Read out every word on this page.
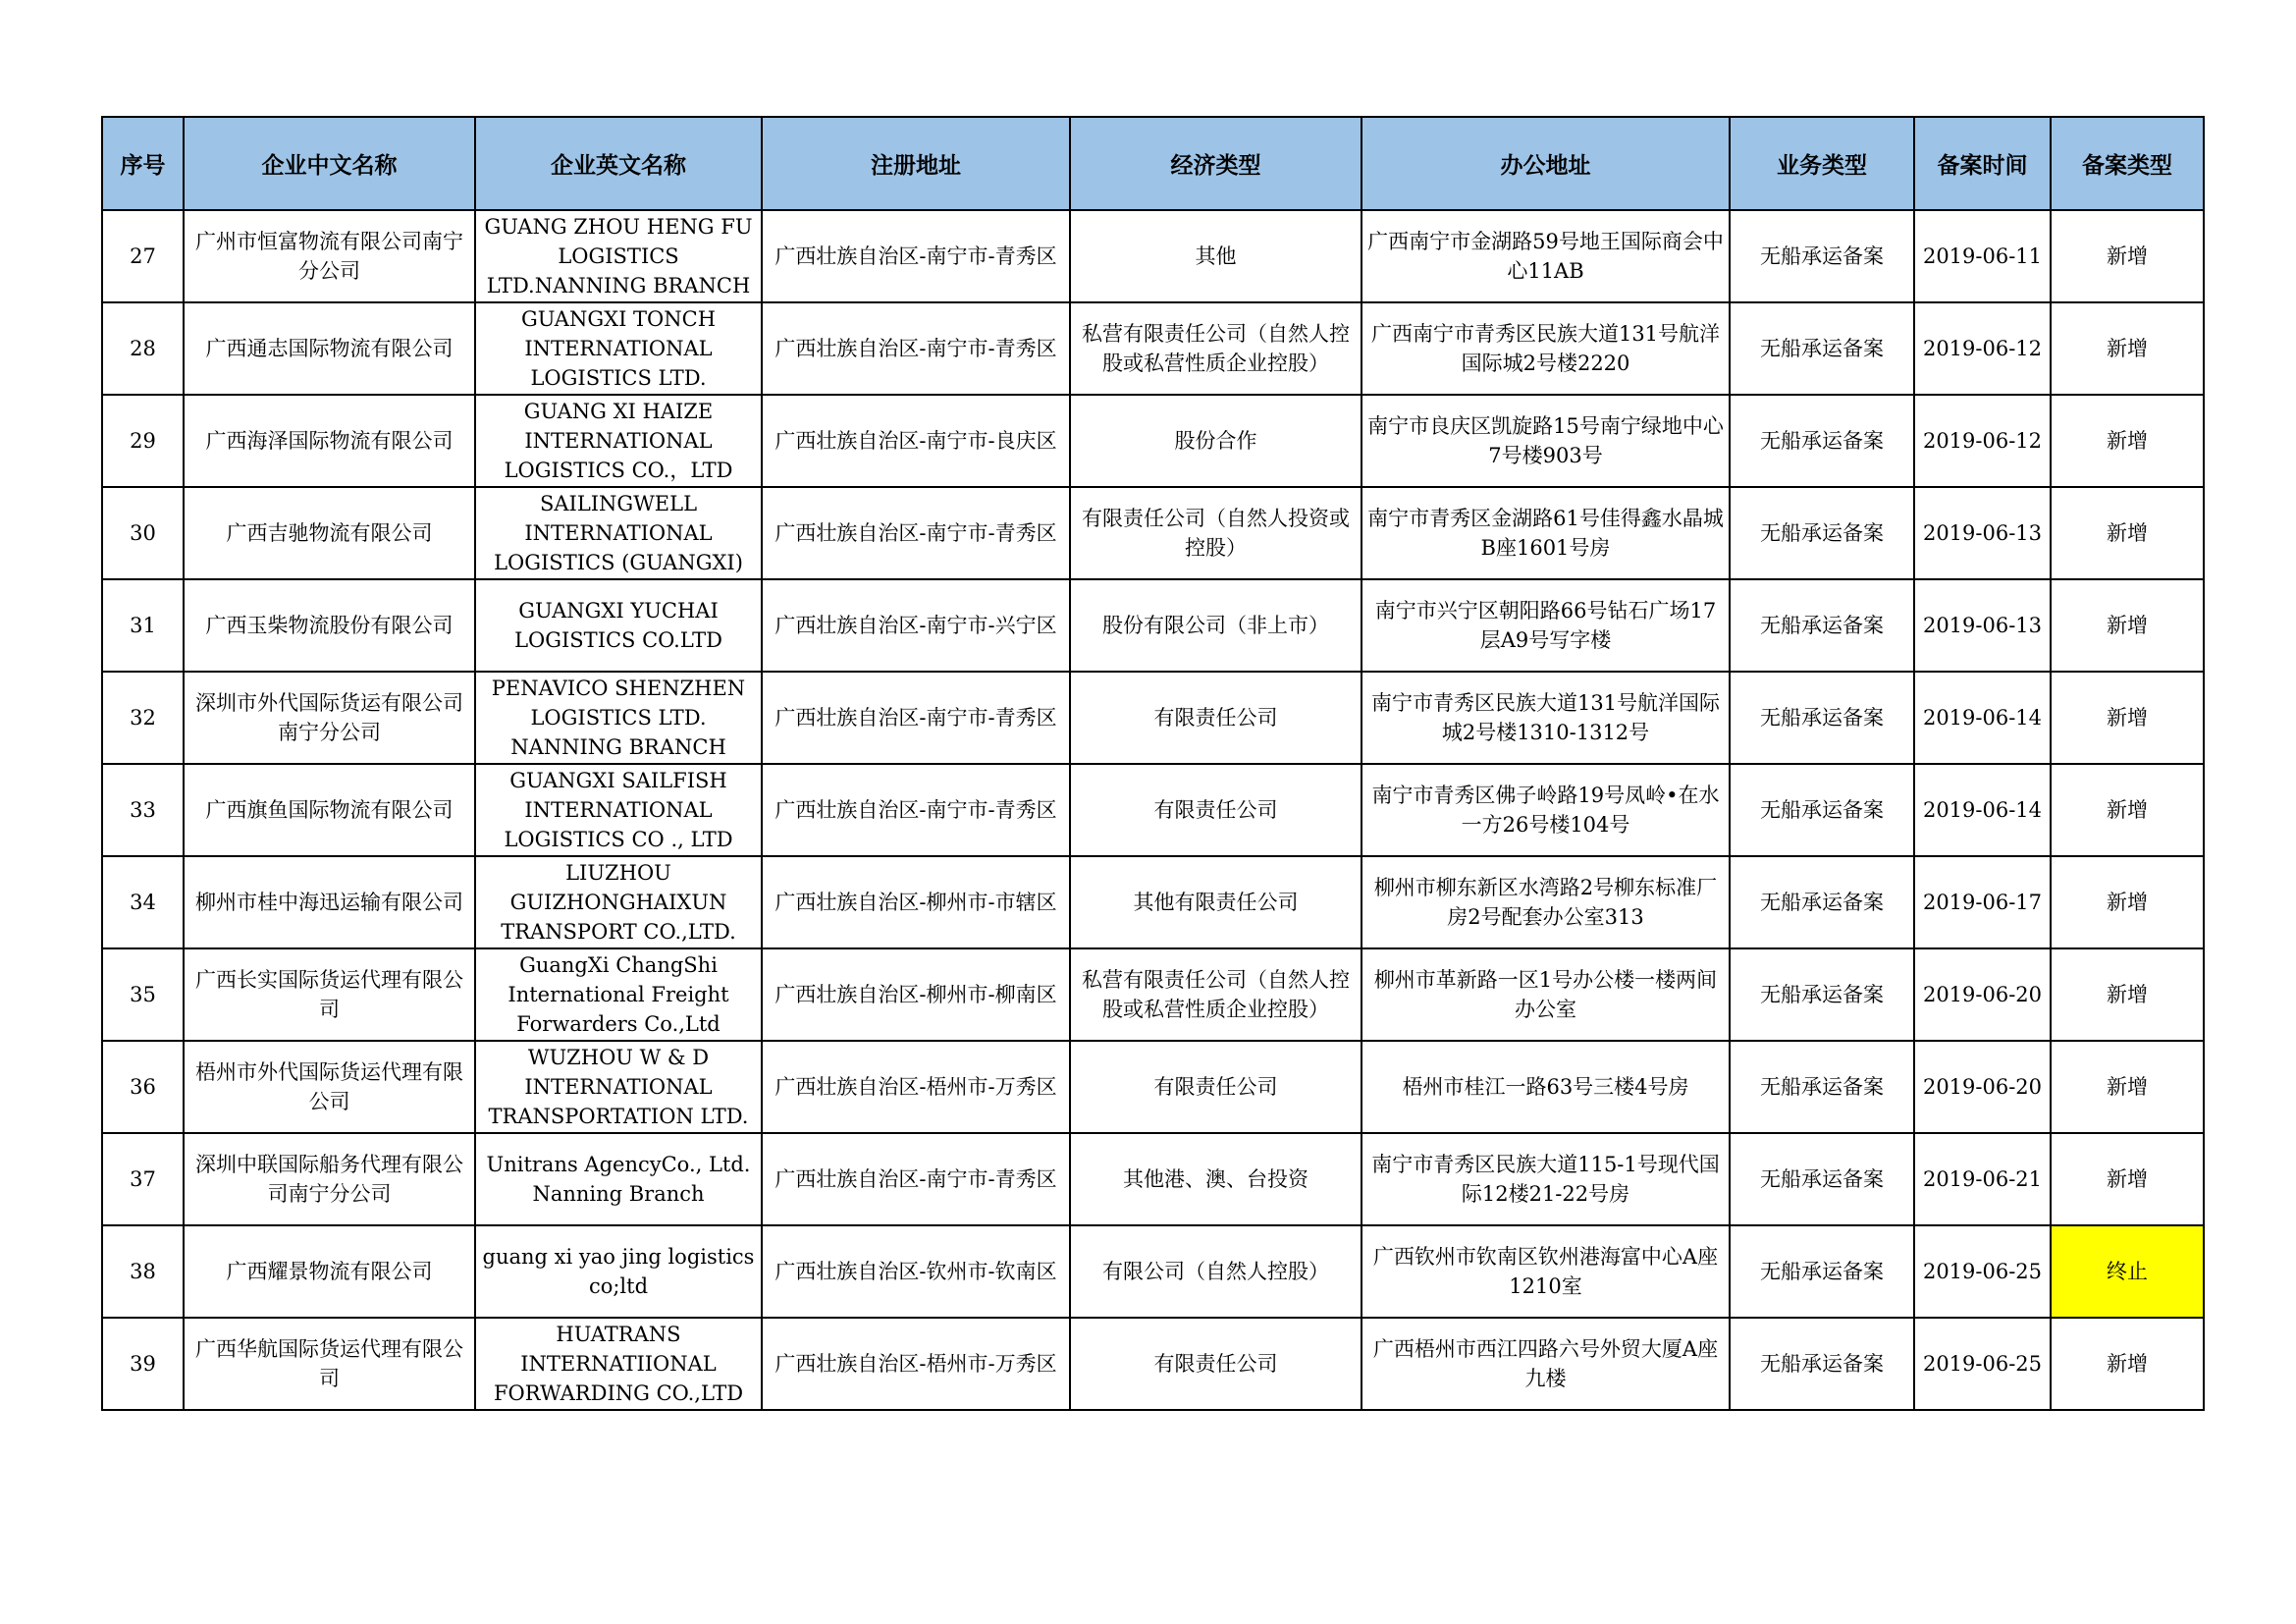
序号	企业中文名称	企业英文名称	注册地址	经济类型	办公地址	业务类型	备案时间	备案类型
27	广州市恒富物流有限公司南宁分公司	GUANG ZHOU HENG FU LOGISTICS LTD.NANNING BRANCH	广西壮族自治区-南宁市-青秀区	其他	广西南宁市金湖路59号地王国际商会中心11AB	无船承运备案	2019-06-11	新增
28	广西通志国际物流有限公司	GUANGXI TONCH INTERNATIONAL LOGISTICS LTD.	广西壮族自治区-南宁市-青秀区	私营有限责任公司（自然人控股或私营性质企业控股）	广西南宁市青秀区民族大道131号航洋国际城2号楼2220	无船承运备案	2019-06-12	新增
29	广西海泽国际物流有限公司	GUANG XI HAIZE INTERNATIONAL LOGISTICS CO.，LTD	广西壮族自治区-南宁市-良庆区	股份合作	南宁市良庆区凯旋路15号南宁绿地中心7号楼903号	无船承运备案	2019-06-12	新增
30	广西吉驰物流有限公司	SAILINGWELL INTERNATIONAL LOGISTICS (GUANGXI)	广西壮族自治区-南宁市-青秀区	有限责任公司（自然人投资或控股）	南宁市青秀区金湖路61号佳得鑫水晶城B座1601号房	无船承运备案	2019-06-13	新增
31	广西玉柴物流股份有限公司	GUANGXI YUCHAI LOGISTICS CO.LTD	广西壮族自治区-南宁市-兴宁区	股份有限公司（非上市）	南宁市兴宁区朝阳路66号钻石广场17层A9号写字楼	无船承运备案	2019-06-13	新增
32	深圳市外代国际货运有限公司南宁分公司	PENAVICO SHENZHEN LOGISTICS LTD. NANNING BRANCH	广西壮族自治区-南宁市-青秀区	有限责任公司	南宁市青秀区民族大道131号航洋国际城2号楼1310-1312号	无船承运备案	2019-06-14	新增
33	广西旗鱼国际物流有限公司	GUANGXI SAILFISH INTERNATIONAL LOGISTICS CO ., LTD	广西壮族自治区-南宁市-青秀区	有限责任公司	南宁市青秀区佛子岭路19号凤岭•在水一方26号楼104号	无船承运备案	2019-06-14	新增
34	柳州市桂中海迅运输有限公司	LIUZHOU GUIZHONGHAIXUN TRANSPORT CO.,LTD.	广西壮族自治区-柳州市-市辖区	其他有限责任公司	柳州市柳东新区水湾路2号柳东标准厂房2号配套办公室313	无船承运备案	2019-06-17	新增
35	广西长实国际货运代理有限公司	GuangXi ChangShi International Freight Forwarders Co.,Ltd	广西壮族自治区-柳州市-柳南区	私营有限责任公司（自然人控股或私营性质企业控股）	柳州市革新路一区1号办公楼一楼两间办公室	无船承运备案	2019-06-20	新增
36	梧州市外代国际货运代理有限公司	WUZHOU W & D INTERNATIONAL TRANSPORTATION LTD.	广西壮族自治区-梧州市-万秀区	有限责任公司	梧州市桂江一路63号三楼4号房	无船承运备案	2019-06-20	新增
37	深圳中联国际船务代理有限公司南宁分公司	Unitrans AgencyCo., Ltd. Nanning Branch	广西壮族自治区-南宁市-青秀区	其他港、澳、台投资	南宁市青秀区民族大道115-1号现代国际12楼21-22号房	无船承运备案	2019-06-21	新增
38	广西耀景物流有限公司	guang xi yao jing logistics co;ltd	广西壮族自治区-钦州市-钦南区	有限公司（自然人控股）	广西钦州市钦南区钦州港海富中心A座1210室	无船承运备案	2019-06-25	终止
39	广西华航国际货运代理有限公司	HUATRANS INTERNATIIONAL FORWARDING CO.,LTD	广西壮族自治区-梧州市-万秀区	有限责任公司	广西梧州市西江四路六号外贸大厦A座九楼	无船承运备案	2019-06-25	新增
